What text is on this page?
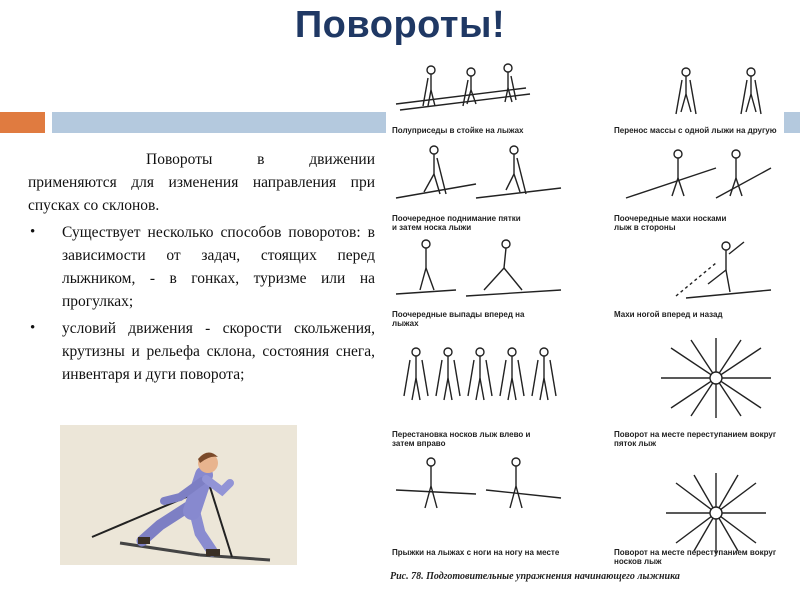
Повороты!

Повороты в движении применяются для изменения направления при спусках со склонов.

• Существует несколько способов поворотов: в зависимости от задач, стоящих перед лыжником, - в гонках, туризме или на прогулках;
• условий движения - скорости скольжения, крутизны и рельефа склона, состояния снега, инвентаря и дуги поворота;
Полуприседы в стойке на лыжах	Перенос массы с одной лыжи на другую
Поочередное поднимание пятки и затем носка лыжи
Поочередные махи носками лыж в стороны
Поочередные выпады вперед на лыжах
Махи ногой вперед и назад
Перестановка носков лыж влево и затем вправо
Поворот на месте переступанием вокруг пяток лыж
Прыжки на лыжах с ноги на ногу на месте	Поворот на месте переступанием вокруг носков лыж
Рис. 78. Подготовительные упражнения начинающего лыжника
